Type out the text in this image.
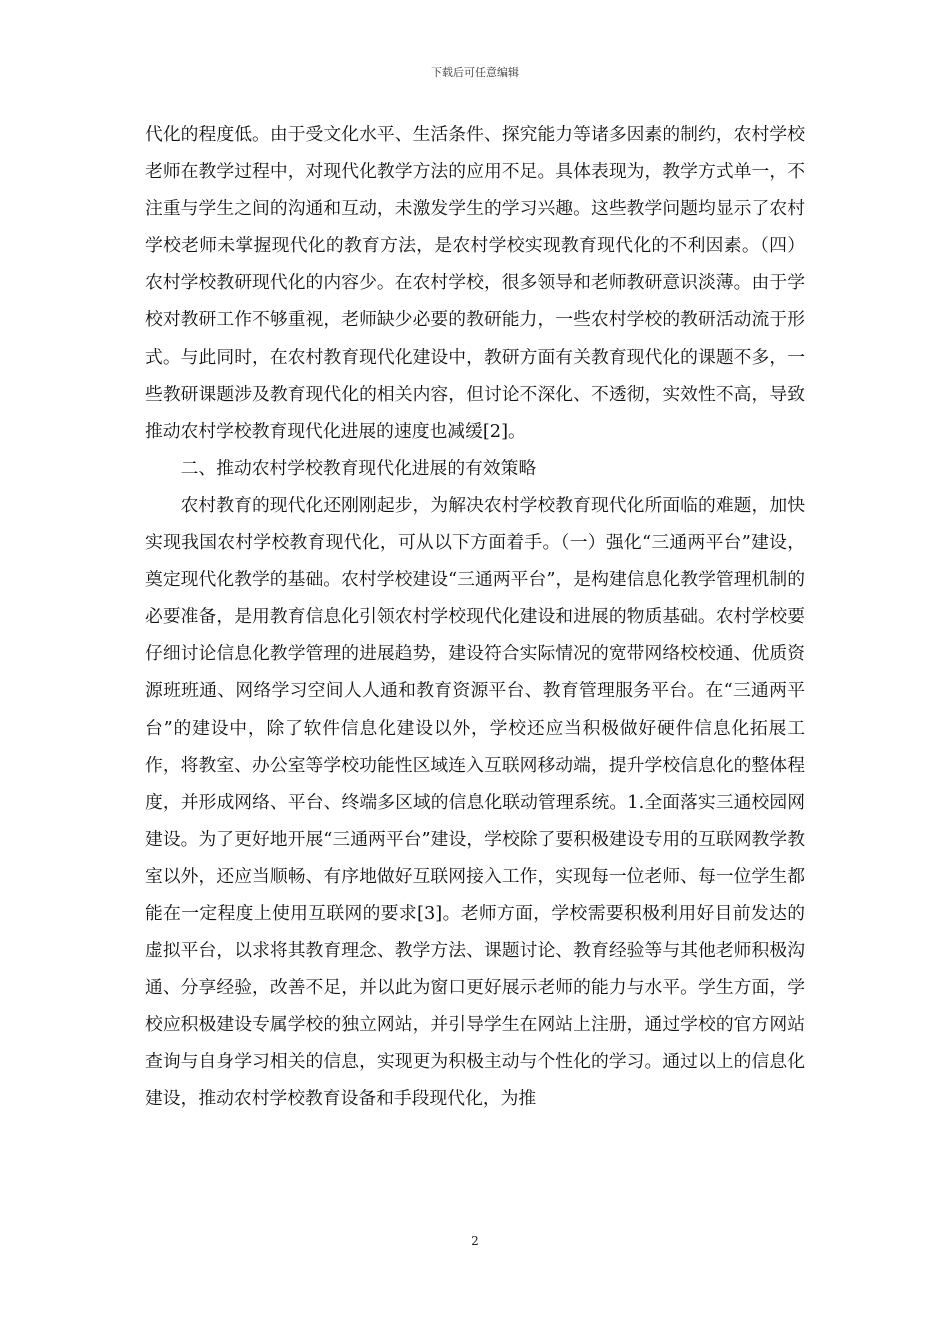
下载后可任意编辑

代化的程度低。由于受文化水平、生活条件、探究能力等诸多因素的制约，农村学校老师在教学过程中，对现代化教学方法的应用不足。具体表现为，教学方式单一，不注重与学生之间的沟通和互动，未激发学生的学习兴趣。这些教学问题均显示了农村学校老师未掌握现代化的教育方法，是农村学校实现教育现代化的不利因素。（四）农村学校教研现代化的内容少。在农村学校，很多领导和老师教研意识淡薄。由于学校对教研工作不够重视，老师缺少必要的教研能力，一些农村学校的教研活动流于形式。与此同时，在农村教育现代化建设中，教研方面有关教育现代化的课题不多，一些教研课题涉及教育现代化的相关内容，但讨论不深化、不透彻，实效性不高，导致推动农村学校教育现代化进展的速度也减缓[2]。

二、推动农村学校教育现代化进展的有效策略

农村教育的现代化还刚刚起步，为解决农村学校教育现代化所面临的难题，加快实现我国农村学校教育现代化，可从以下方面着手。（一）强化“三通两平台”建设，奠定现代化教学的基础。农村学校建设“三通两平台”，是构建信息化教学管理机制的必要准备，是用教育信息化引领农村学校现代化建设和进展的物质基础。农村学校要仔细讨论信息化教学管理的进展趋势，建设符合实际情况的宽带网络校校通、优质资源班班通、网络学习空间人人通和教育资源平台、教育管理服务平台。在“三通两平台”的建设中，除了软件信息化建设以外，学校还应当积极做好硬件信息化拓展工作，将教室、办公室等学校功能性区域连入互联网移动端，提升学校信息化的整体程度，并形成网络、平台、终端多区域的信息化联动管理系统。1.全面落实三通校园网建设。为了更好地开展“三通两平台”建设，学校除了要积极建设专用的互联网教学教室以外，还应当顺畅、有序地做好互联网接入工作，实现每一位老师、每一位学生都能在一定程度上使用互联网的要求[3]。老师方面，学校需要积极利用好目前发达的虚拟平台，以求将其教育理念、教学方法、课题讨论、教育经验等与其他老师积极沟通、分享经验，改善不足，并以此为窗口更好展示老师的能力与水平。学生方面，学校应积极建设专属学校的独立网站，并引导学生在网站上注册，通过学校的官方网站查询与自身学习相关的信息，实现更为积极主动与个性化的学习。通过以上的信息化建设，推动农村学校教育设备和手段现代化，为推

2
